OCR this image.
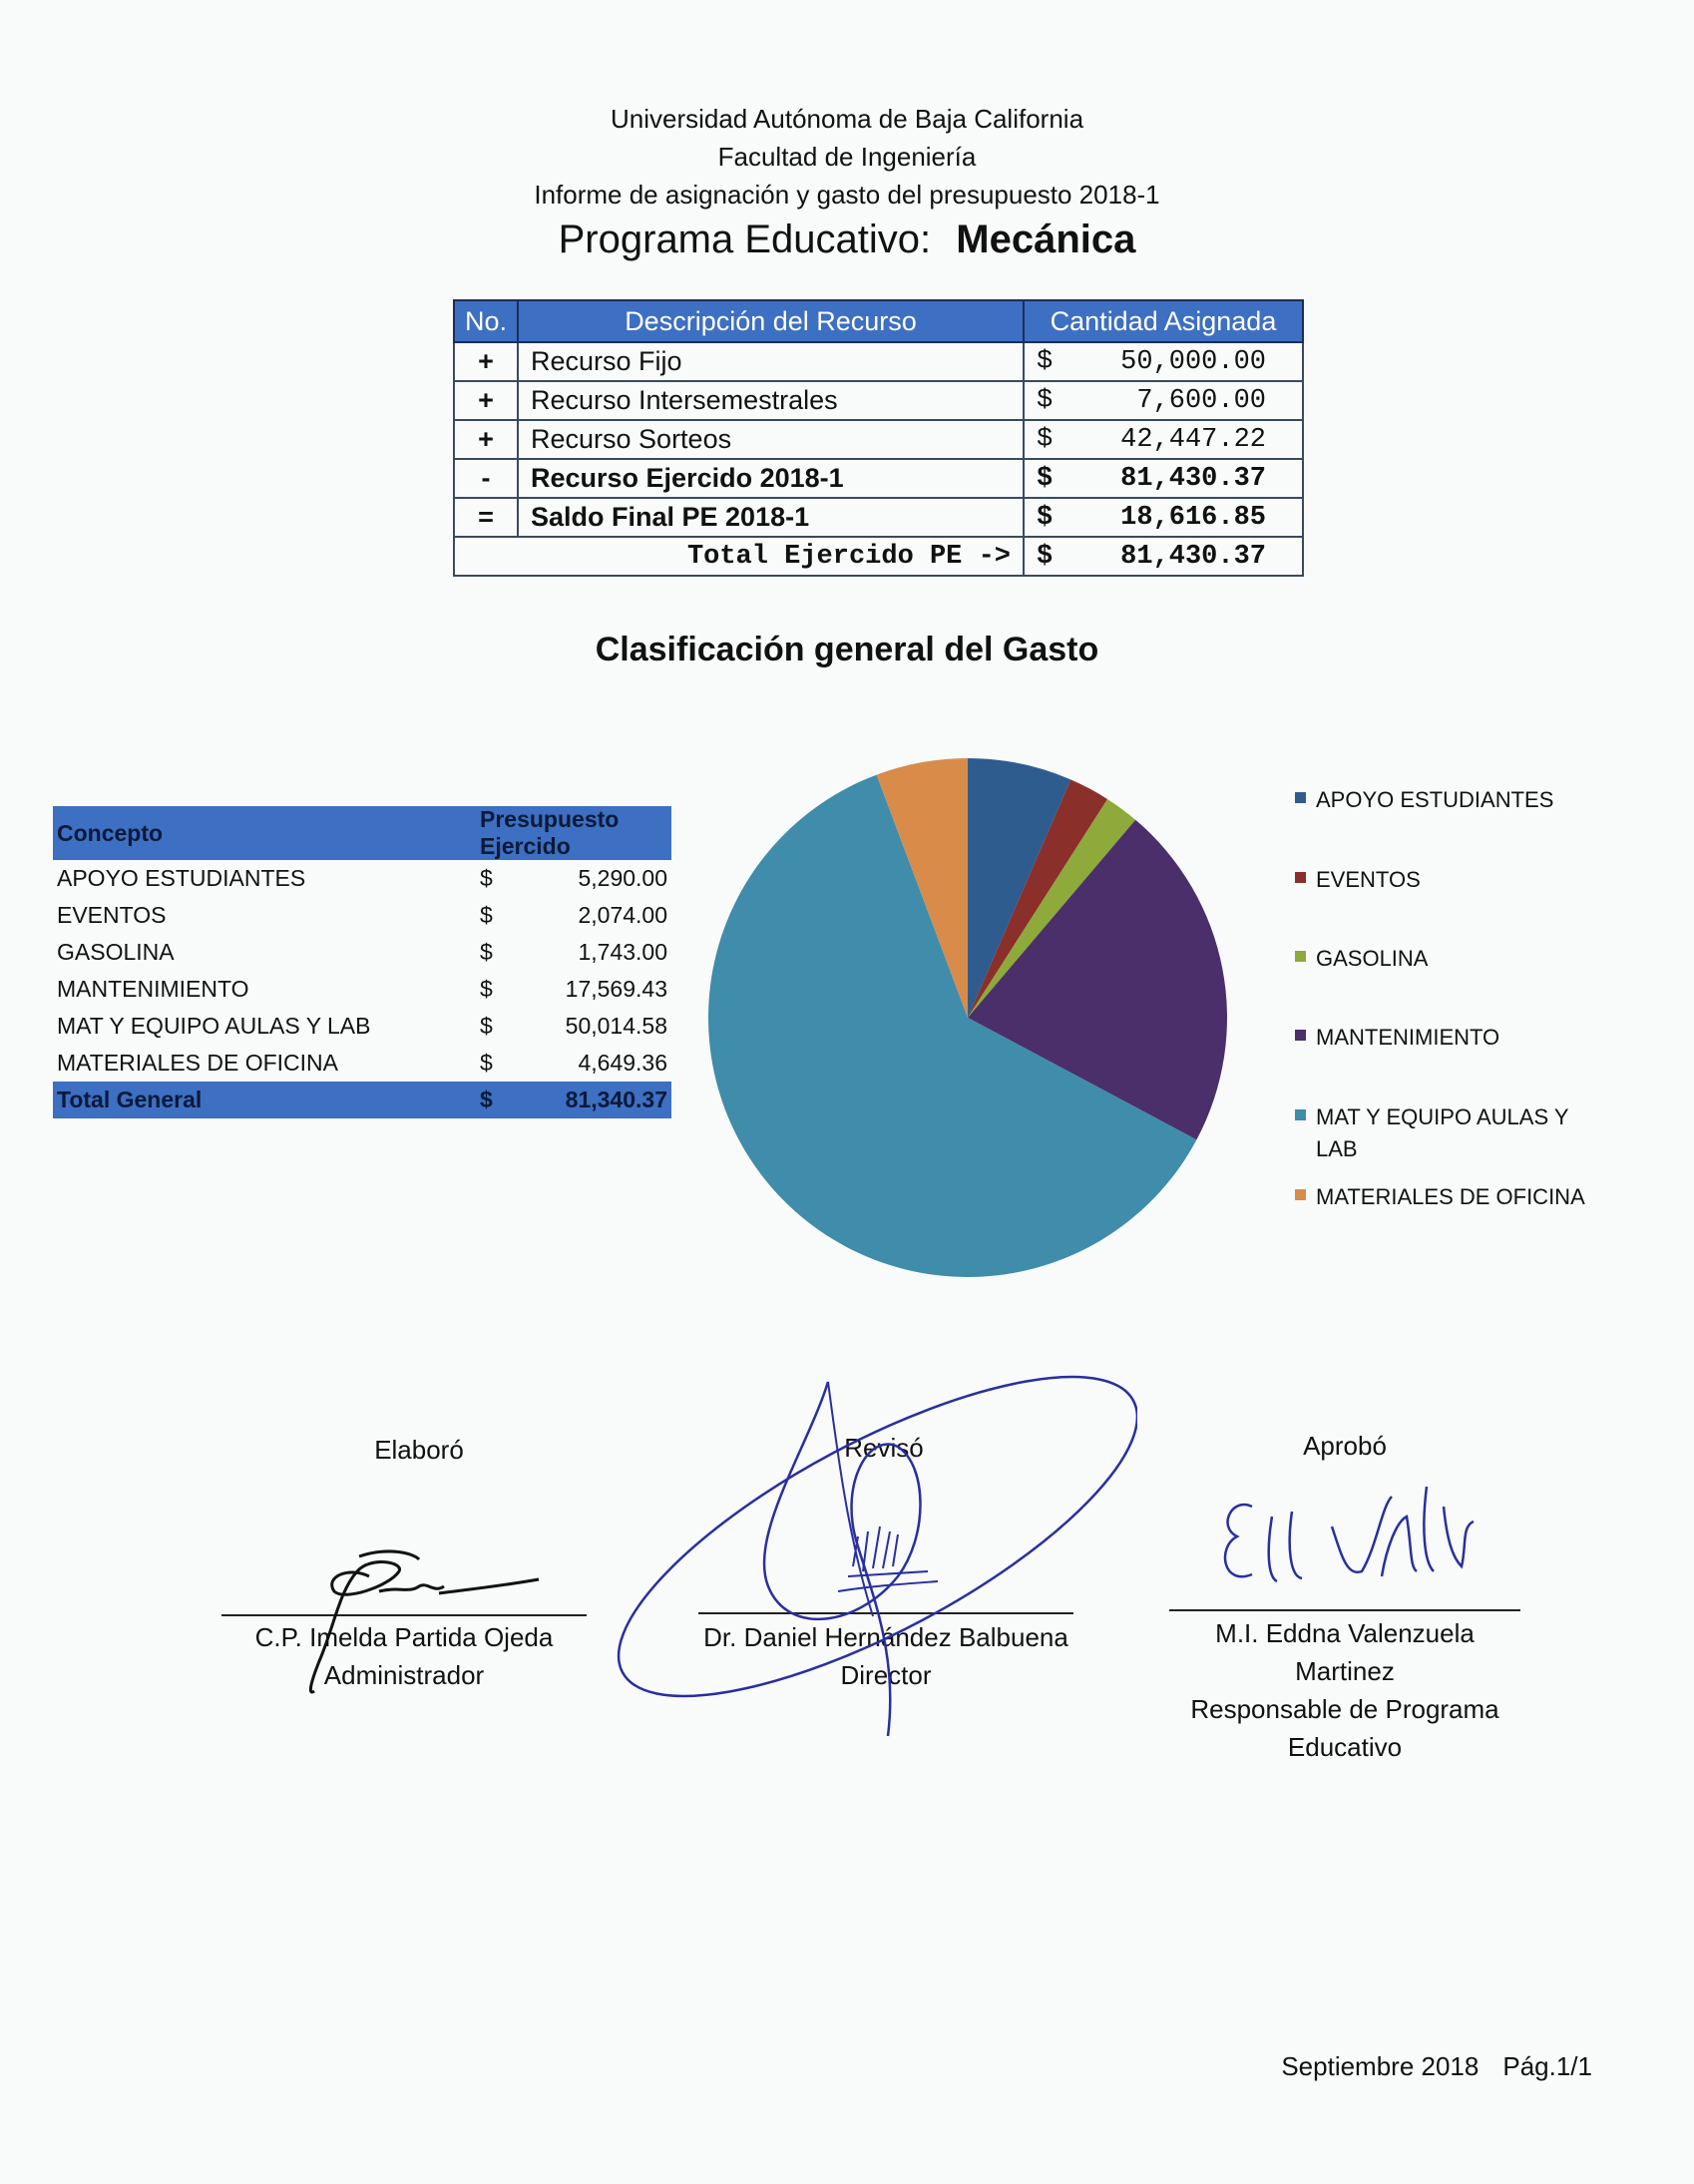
Universidad Autónoma de Baja California
Facultad de Ingeniería
Informe de asignación y gasto del presupuesto 2018-1
Programa Educativo: Mecánica
No.	Descripción del Recurso	Cantidad Asignada
+	Recurso Fijo	$ 50,000.00
+	Recurso Intersemestrales	$ 7,600.00
+	Recurso Sorteos	$ 42,447.22
-	Recurso Ejercido 2018-1	$ 81,430.37
=	Saldo Final PE 2018-1	$ 18,616.85
Total Ejercido PE ->		$ 81,430.37
Clasificación general del Gasto
Concepto	Presupuesto Ejercido	
APOYO ESTUDIANTES	$	5,290.00
EVENTOS	$	2,074.00
GASOLINA	$	1,743.00
MANTENIMIENTO	$	17,569.43
MAT Y EQUIPO AULAS Y LAB	$	50,014.58
MATERIALES DE OFICINA	$	4,649.36
Total General	$	81,340.37
APOYO ESTUDIANTES
EVENTOS
GASOLINA
MANTENIMIENTO
MAT Y EQUIPO AULAS Y LAB
MATERIALES DE OFICINA
Elaboró	Revisó	Aprobó
C.P. Imelda Partida Ojeda
Administrador
Dr. Daniel Hernández Balbuena
Director
M.I. Eddna Valenzuela
Martinez
Responsable de Programa
Educativo
Septiembre 2018 Pág.1/1
